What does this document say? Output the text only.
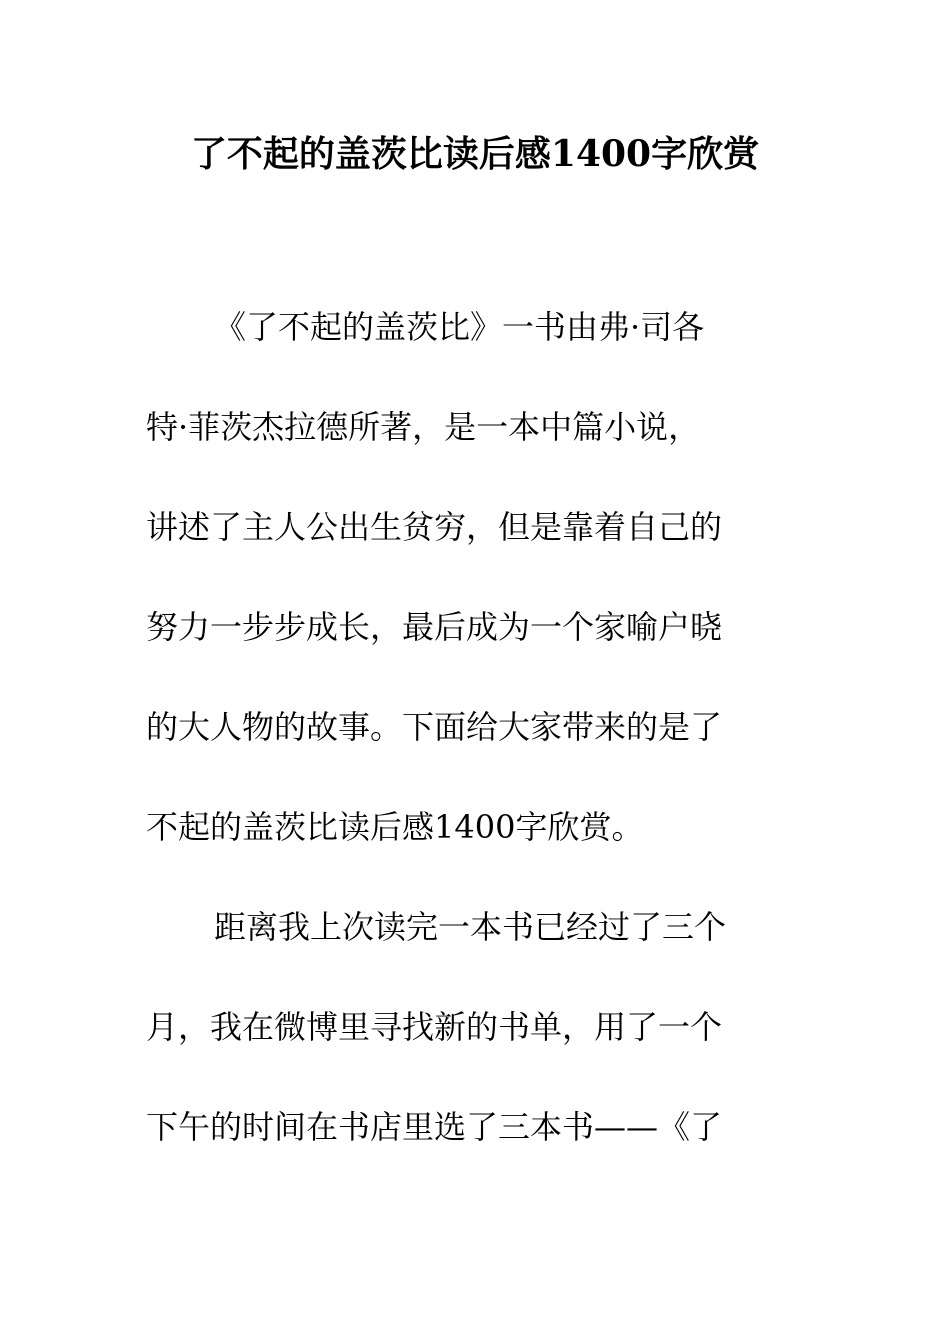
了不起的盖茨比读后感1400字欣赏

《了不起的盖茨比》一书由弗·司各

特·菲茨杰拉德所著，是一本中篇小说，

讲述了主人公出生贫穷，但是靠着自己的

努力一步步成长，最后成为一个家喻户晓

的大人物的故事。下面给大家带来的是了

不起的盖茨比读后感1400字欣赏。

距离我上次读完一本书已经过了三个

月，我在微博里寻找新的书单，用了一个

下午的时间在书店里选了三本书——《了
